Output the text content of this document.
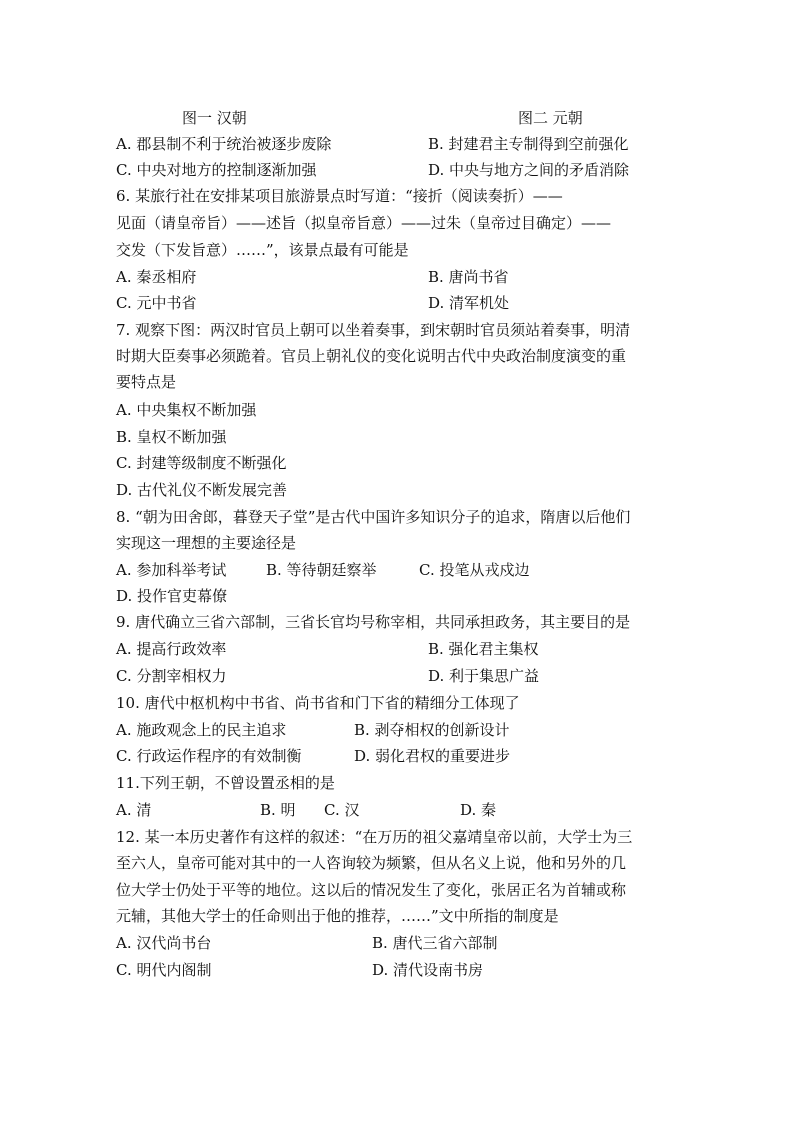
图一 汉朝	图二 元朝
A. 郡县制不利于统治被逐步废除	B. 封建君主专制得到空前强化
C. 中央对地方的控制逐渐加强	D. 中央与地方之间的矛盾消除
6. 某旅行社在安排某项目旅游景点时写道：“接折（阅读奏折）——
见面（请皇帝旨）——述旨（拟皇帝旨意）——过朱（皇帝过目确定）——
交发（下发旨意）……”，该景点最有可能是
A. 秦丞相府	B. 唐尚书省
C. 元中书省	D. 清军机处
7. 观察下图：两汉时官员上朝可以坐着奏事，到宋朝时官员须站着奏事，明清
时期大臣奏事必须跪着。官员上朝礼仪的变化说明古代中央政治制度演变的重
要特点是
A. 中央集权不断加强
B. 皇权不断加强
C. 封建等级制度不断强化
D. 古代礼仪不断发展完善
8. “朝为田舍郎，暮登天子堂”是古代中国许多知识分子的追求，隋唐以后他们
实现这一理想的主要途径是
A. 参加科举考试	B. 等待朝廷察举	C. 投笔从戎戍边
D. 投作官吏幕僚
9. 唐代确立三省六部制，三省长官均号称宰相，共同承担政务，其主要目的是
A. 提高行政效率	B. 强化君主集权
C. 分割宰相权力	D. 利于集思广益
10. 唐代中枢机构中书省、尚书省和门下省的精细分工体现了
A. 施政观念上的民主追求	B. 剥夺相权的创新设计
C. 行政运作程序的有效制衡	D. 弱化君权的重要进步
11.下列王朝，不曾设置丞相的是
A. 清	B. 明 C. 汉	D. 秦
12. 某一本历史著作有这样的叙述：“在万历的祖父嘉靖皇帝以前，大学士为三
至六人，皇帝可能对其中的一人咨询较为频繁，但从名义上说，他和另外的几
位大学士仍处于平等的地位。这以后的情况发生了变化，张居正名为首辅或称
元辅，其他大学士的任命则出于他的推荐，……”文中所指的制度是
A. 汉代尚书台	B. 唐代三省六部制
C. 明代内阁制	D. 清代设南书房
